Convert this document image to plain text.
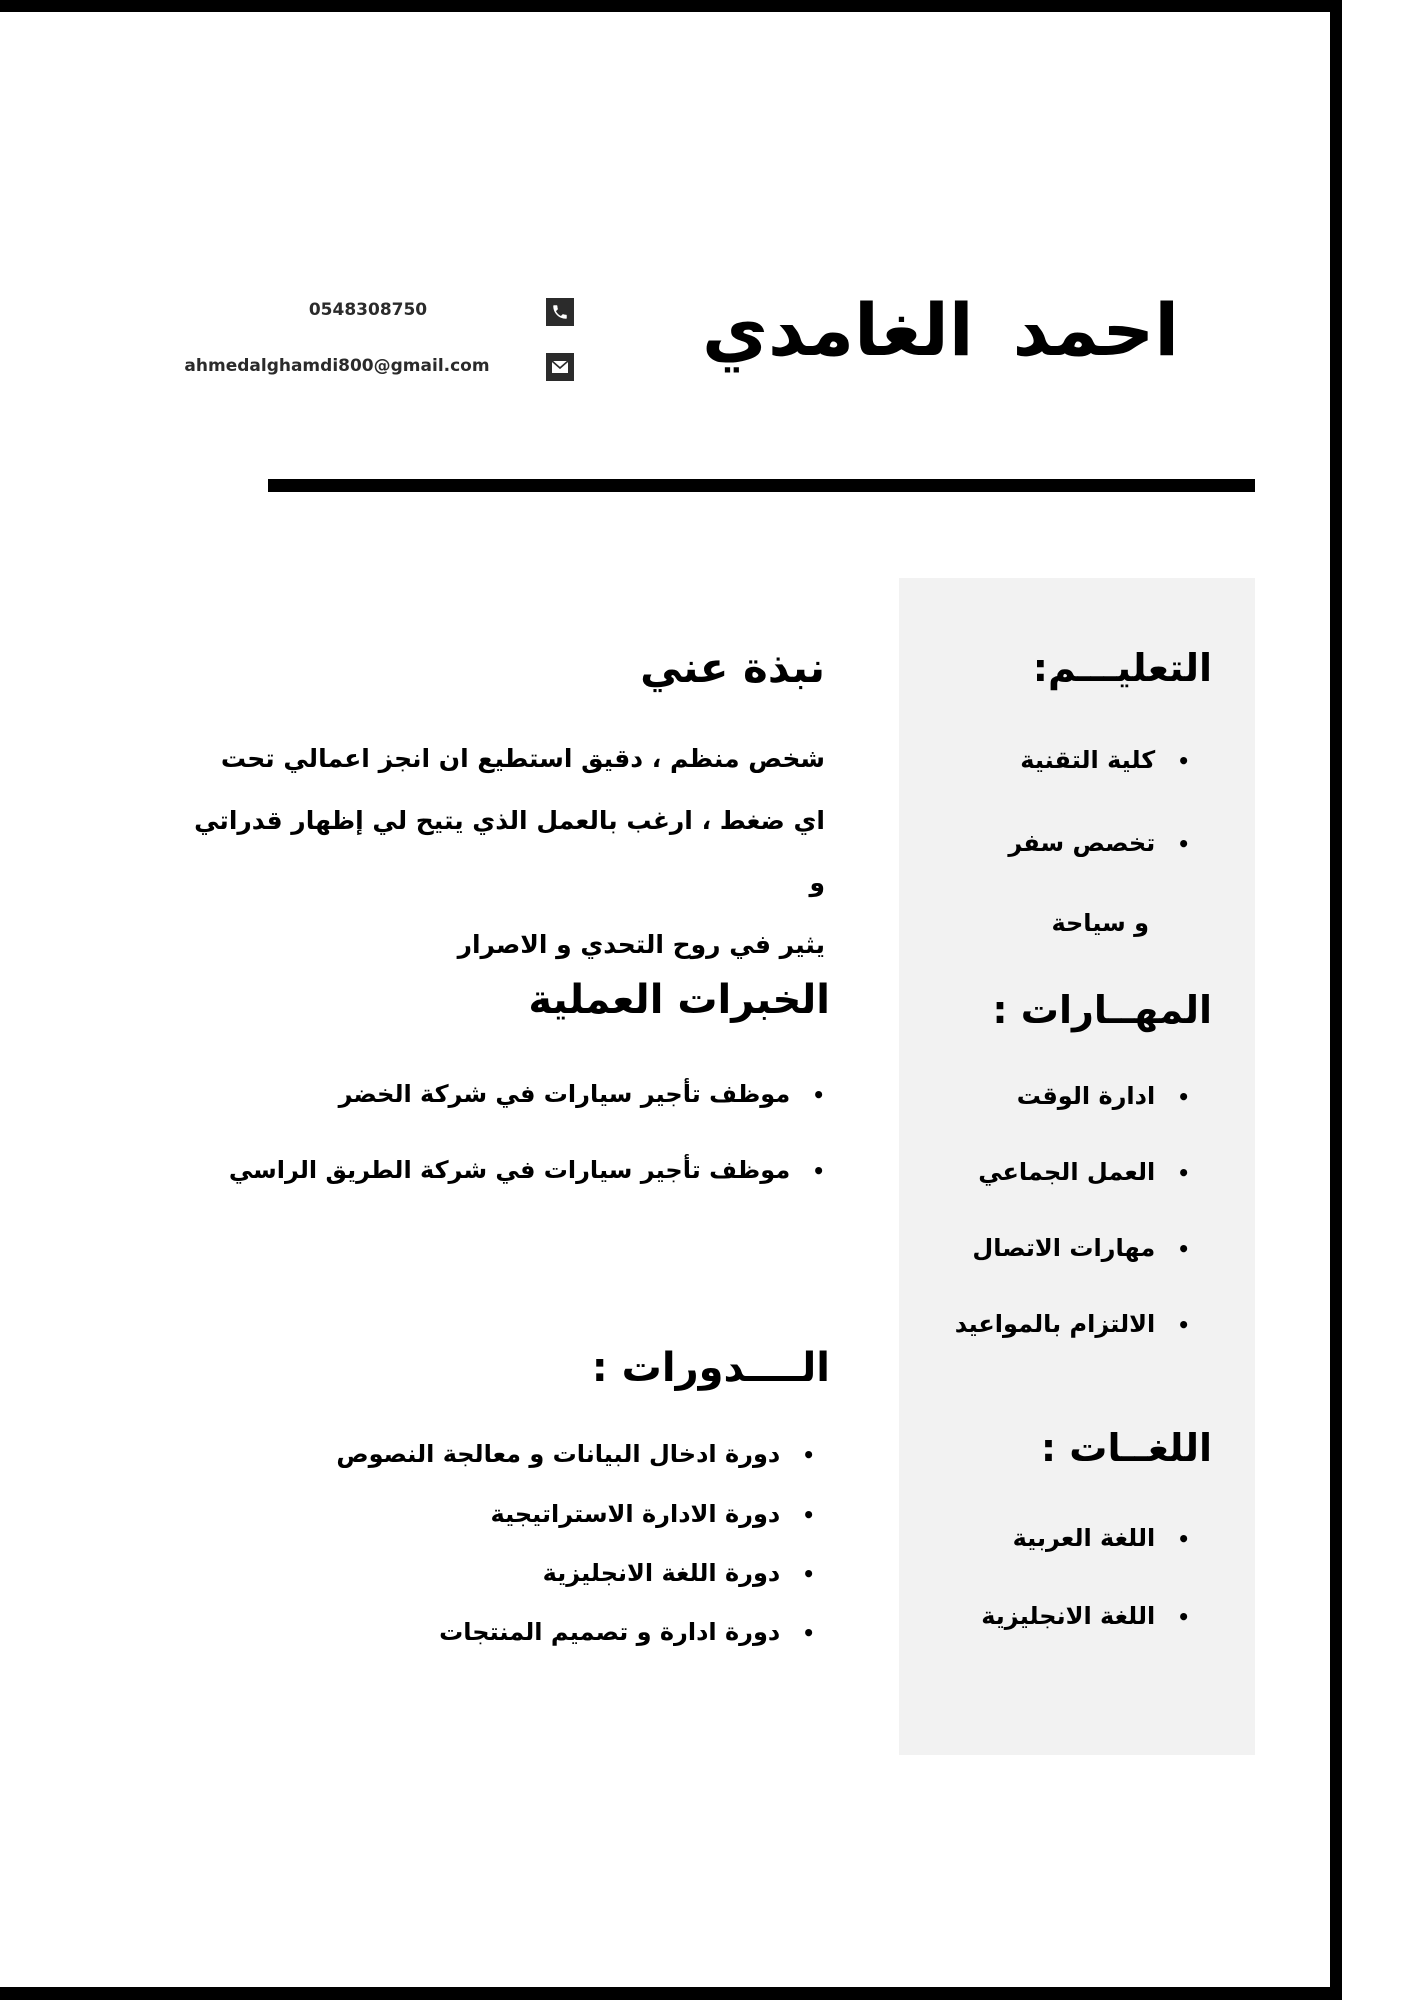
احمد الغامدي
0548308750
ahmedalghamdi800@gmail.com
التعليـــم:
•كلية التقنية
•تخصص سفر
و سياحة
المهــارات :
•ادارة الوقت
•العمل الجماعي
•مهارات الاتصال
•الالتزام بالمواعيد
اللغــات :
•اللغة العربية
•اللغة الانجليزية
نبذة عني
شخص منظم ، دقيق استطيع ان انجز اعمالي تحت
اي ضغط ، ارغب بالعمل الذي يتيح لي إظهار قدراتي و
يثير في روح التحدي و الاصرار
الخبرات العملية
•موظف تأجير سيارات في شركة الخضر
•موظف تأجير سيارات في شركة الطريق الراسي
الــــدورات :
•دورة ادخال البيانات و معالجة النصوص
•دورة الادارة الاستراتيجية
•دورة اللغة الانجليزية
•دورة ادارة و تصميم المنتجات
